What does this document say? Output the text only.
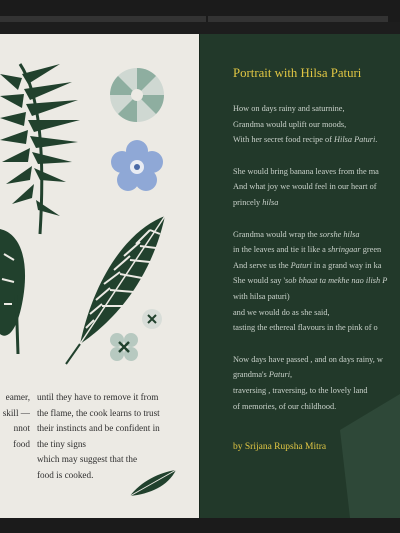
eamer,
skill —
nnot
food
until they have to remove it from
the flame, the cook learns to trust
their instincts and be confident in
the tiny signs
which may suggest that the
food is cooked.
Portrait with Hilsa Paturi
How on days rainy and saturnine,
Grandma would uplift our moods,
With her secret food recipe of Hilsa Paturi.
She would bring banana leaves from the ma
And what joy we would feel in our heart of
princely hilsa
Grandma would wrap the sorshe hilsa
in the leaves and tie it like a shringaar green
And serve us the Paturi in a grand way in ka
She would say 'sob bhaat ta mekhe nao ilish P
with hilsa paturi)
and we would do as she said,
tasting the ethereal flavours in the pink of o
Now days have passed , and on days rainy, w
grandma's Paturi,
traversing , traversing, to the lovely land
of memories, of our childhood.
by Srijana Rupsha Mitra
